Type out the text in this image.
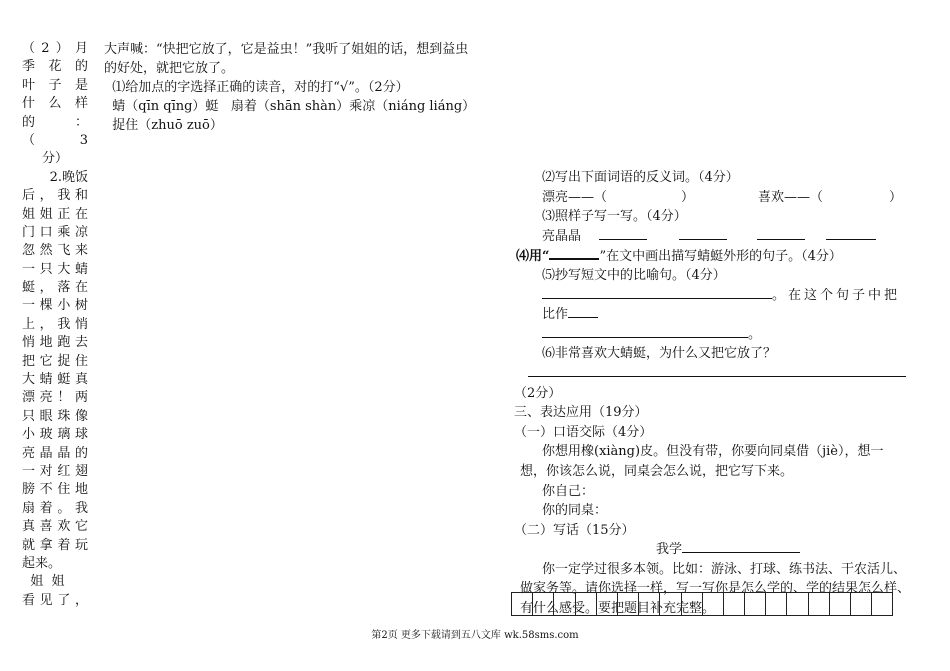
（2）月
季花的
叶子是
什么样
的 ：
（ 3
分）
2.晚饭
后，我和
姐姐正在
门口乘凉
忽然飞来
一只大蜻
蜓，落在
一棵小树
上，我悄
悄地跑去
把它捉住
大蜻蜓真
漂亮！两
只眼珠像
小玻璃球
亮晶晶的
一对红翅
膀不住地
扇着。我
真喜欢它
就拿着玩
起来。
姐  姐
看见了，
大声喊：“快把它放了，它是益虫！”我听了姐姐的话，想到益虫
的好处，就把它放了。
⑴给加点的字选择正确的读音，对的打“√”。（2分）
蜻（qīn qīng）蜓   扇着（shān shàn）乘凉（niáng liáng）
捉住（zhuō zuō）
⑵写出下面词语的反义词。（4分）
漂亮——（	）	喜欢——（	）
⑶照样子写一写。（4分）
亮晶晶
⑷用“	”在文中画出描写蜻蜓外形的句子。（4分）
⑸抄写短文中的比喻句。（4分）
。在这个句子中把
比作
。
⑹非常喜欢大蜻蜓，为什么又把它放了？
（2分）
三、表达应用（19分）
（一）口语交际（4分）
你想用橡(xiàng)皮。但没有带，你要向同桌借（jiè），想一
想，你该怎么说，同桌会怎么说，把它写下来。
你自己：
你的同桌：
（二）写话（15分）
我学
你一定学过很多本领。比如：游泳、打球、练书法、干农活儿、
做家务等。请你选择一样，写一写你是怎么学的、学的结果怎么样、
有什么感受。要把题目补充完整。
第2页 更多下载请到五八文库 wk.58sms.com
